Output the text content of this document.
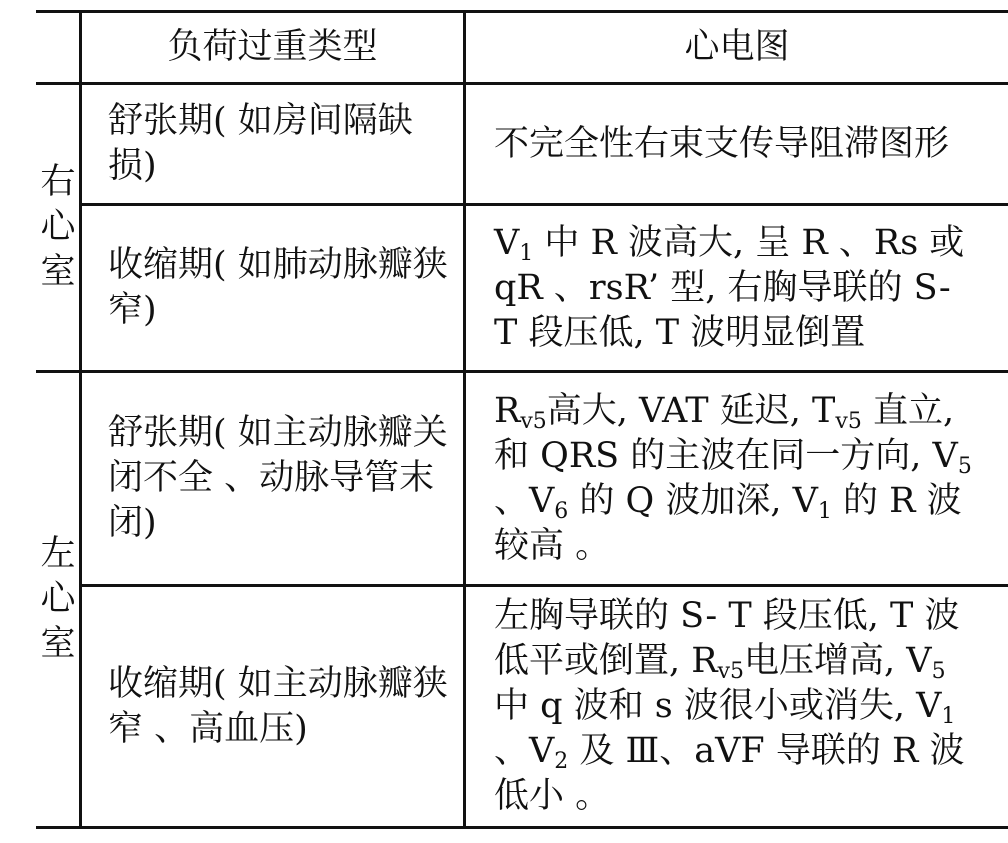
负荷过重类型	心电图
右心室
左心室
舒张期( 如房间隔缺损)
不完全性右束支传导阻滞图形
收缩期( 如肺动脉瓣狭窄)
$V_1$ 中 R 波高大, 呈 R 、Rs 或 qR 、rsR’ 型, 右胸导联的 S- T 段压低, T 波明显倒置
舒张期( 如主动脉瓣关闭不全 、动脉导管末闭)
$R_{v5}$高大, VAT 延迟, $T_{v5}$ 直立, 和 QRS 的主波在同一方向, $V_5$ 、$V_6$ 的 Q 波加深, $V_1$ 的 R 波较高 。
收缩期( 如主动脉瓣狭窄 、高血压)
左胸导联的 S- T 段压低, T 波低平或倒置, $R_{v5}$电压增高, $V_5$ 中 q 波和 s 波很小或消失, $V_1$ 、$V_2$ 及 Ⅲ、aVF 导联的 R 波低小 。
